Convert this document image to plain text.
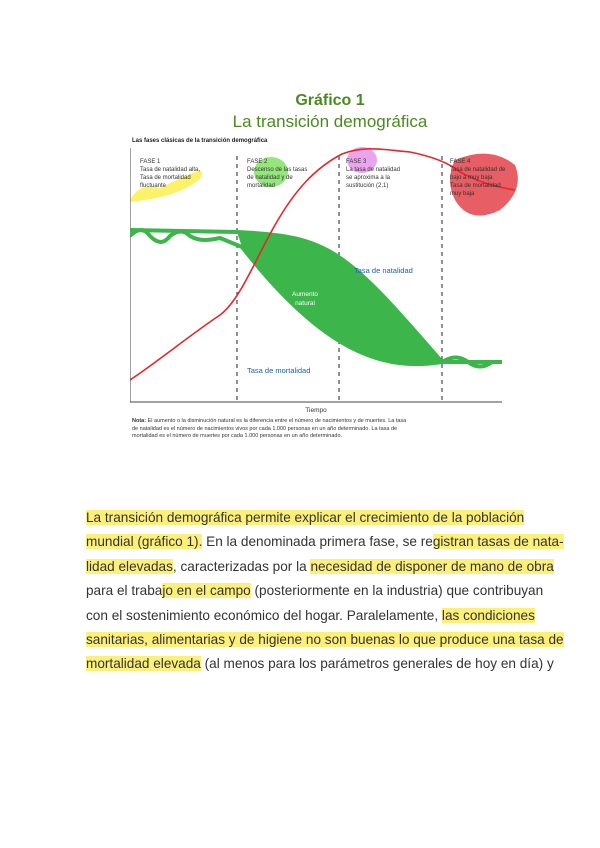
Gráfico 1
La transición demográfica
Las fases clásicas de la transición demográfica
FASE 1
Tasa de natalidad alta,
Tasa de mortalidad
fluctuante
FASE 2
Descenso de las tasas
de natalidad y de
mortalidad
FASE 3
La tasa de natalidad
se aproxima a la
sustitución (2,1)
FASE 4
Tasa de natalidad de
bajo a muy baja
Tasa de mortalidad
muy baja
Tasa de natalidad
Tasa de mortalidad
Aumento
natural
Tiempo
Nota: El aumento o la disminución natural es la diferencia entre el número de nacimientos y de muertes. La tasa
de natalidad es el número de nacimientos vivos por cada 1.000 personas en un año determinado. La tasa de
mortalidad es el número de muertes por cada 1.000 personas en un año determinado.
La transición demográfica permite explicar el crecimiento de la población
mundial (gráfico 1). En la denominada primera fase, se registran tasas de nata-
lidad elevadas, caracterizadas por la necesidad de disponer de mano de obra
para el trabajo en el campo (posteriormente en la industria) que contribuyan
con el sostenimiento económico del hogar. Paralelamente, las condiciones
sanitarias, alimentarias y de higiene no son buenas lo que produce una tasa de
mortalidad elevada (al menos para los parámetros generales de hoy en día) y
